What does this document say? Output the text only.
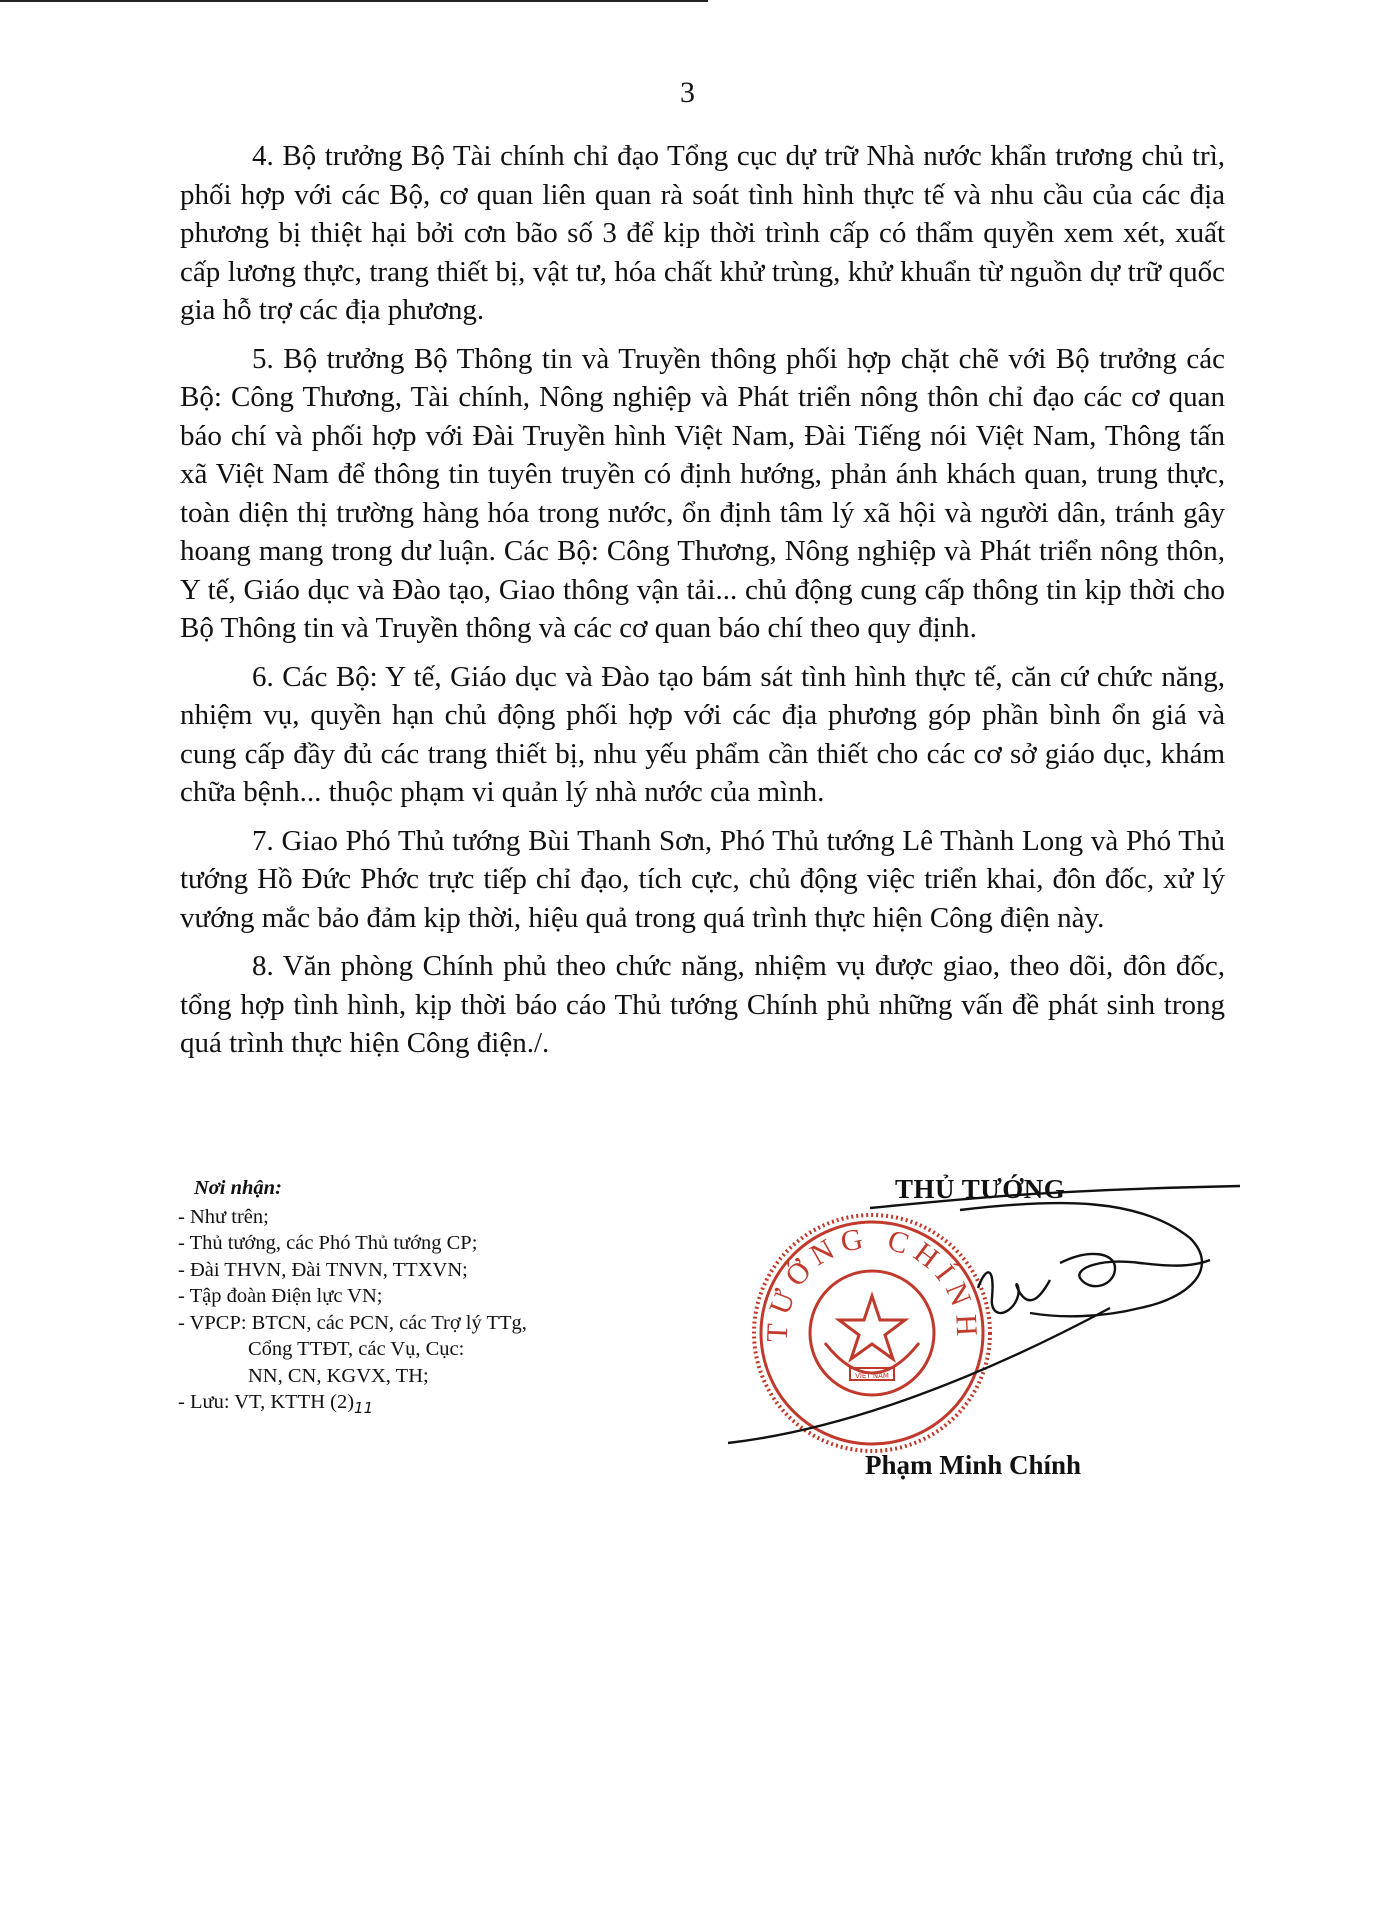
3

4. Bộ trưởng Bộ Tài chính chỉ đạo Tổng cục dự trữ Nhà nước khẩn trương chủ trì, phối hợp với các Bộ, cơ quan liên quan rà soát tình hình thực tế và nhu cầu của các địa phương bị thiệt hại bởi cơn bão số 3 để kịp thời trình cấp có thẩm quyền xem xét, xuất cấp lương thực, trang thiết bị, vật tư, hóa chất khử trùng, khử khuẩn từ nguồn dự trữ quốc gia hỗ trợ các địa phương.

5. Bộ trưởng Bộ Thông tin và Truyền thông phối hợp chặt chẽ với Bộ trưởng các Bộ: Công Thương, Tài chính, Nông nghiệp và Phát triển nông thôn chỉ đạo các cơ quan báo chí và phối hợp với Đài Truyền hình Việt Nam, Đài Tiếng nói Việt Nam, Thông tấn xã Việt Nam để thông tin tuyên truyền có định hướng, phản ánh khách quan, trung thực, toàn diện thị trường hàng hóa trong nước, ổn định tâm lý xã hội và người dân, tránh gây hoang mang trong dư luận. Các Bộ: Công Thương, Nông nghiệp và Phát triển nông thôn, Y tế, Giáo dục và Đào tạo, Giao thông vận tải... chủ động cung cấp thông tin kịp thời cho Bộ Thông tin và Truyền thông và các cơ quan báo chí theo quy định.

6. Các Bộ: Y tế, Giáo dục và Đào tạo bám sát tình hình thực tế, căn cứ chức năng, nhiệm vụ, quyền hạn chủ động phối hợp với các địa phương góp phần bình ổn giá và cung cấp đầy đủ các trang thiết bị, nhu yếu phẩm cần thiết cho các cơ sở giáo dục, khám chữa bệnh... thuộc phạm vi quản lý nhà nước của mình.

7. Giao Phó Thủ tướng Bùi Thanh Sơn, Phó Thủ tướng Lê Thành Long và Phó Thủ tướng Hồ Đức Phớc trực tiếp chỉ đạo, tích cực, chủ động việc triển khai, đôn đốc, xử lý vướng mắc bảo đảm kịp thời, hiệu quả trong quá trình thực hiện Công điện này.

8. Văn phòng Chính phủ theo chức năng, nhiệm vụ được giao, theo dõi, đôn đốc, tổng hợp tình hình, kịp thời báo cáo Thủ tướng Chính phủ những vấn đề phát sinh trong quá trình thực hiện Công điện./.

Nơi nhận:
- Như trên;
- Thủ tướng, các Phó Thủ tướng CP;
- Đài THVN, Đài TNVN, TTXVN;
- Tập đoàn Điện lực VN;
- VPCP: BTCN, các PCN, các Trợ lý TTg,
Cổng TTĐT, các Vụ, Cục:
NN, CN, KGVX, TH;
- Lưu: VT, KTTH $(2)_{11}$
TƯỚNG CHÍNH
VIỆT NAM
THỦ TƯỚNG
Phạm Minh Chính
